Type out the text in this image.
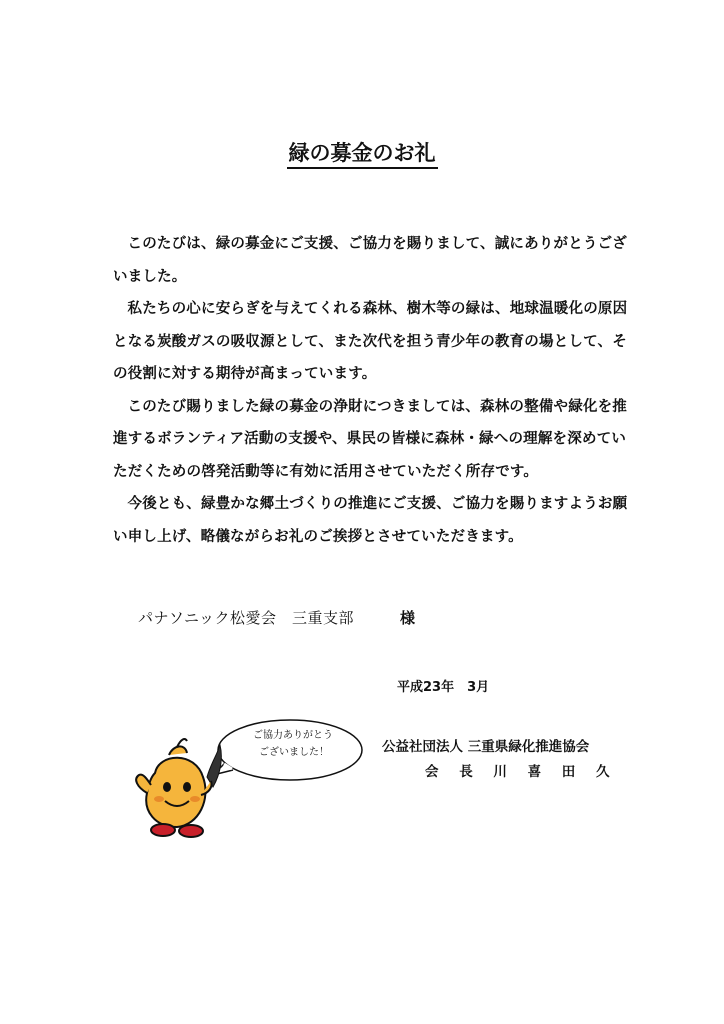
緑の募金のお礼

このたびは、緑の募金にご支援、ご協力を賜りまして、誠にありがとうございました。

私たちの心に安らぎを与えてくれる森林、樹木等の緑は、地球温暖化の原因となる炭酸ガスの吸収源として、また次代を担う青少年の教育の場として、その役割に対する期待が高まっています。

このたび賜りました緑の募金の浄財につきましては、森林の整備や緑化を推進するボランティア活動の支援や、県民の皆様に森林・緑への理解を深めていただくための啓発活動等に有効に活用させていただく所存です。

今後とも、緑豊かな郷土づくりの推進にご支援、ご協力を賜りますようお願い申し上げ、略儀ながらお礼のご挨拶とさせていただきます。

パナソニック松愛会　三重支部	様
平成23年　3月
公益社団法人 三重県緑化推進協会
会 長 川 喜 田 久
ご協力ありがとう
ございました！
